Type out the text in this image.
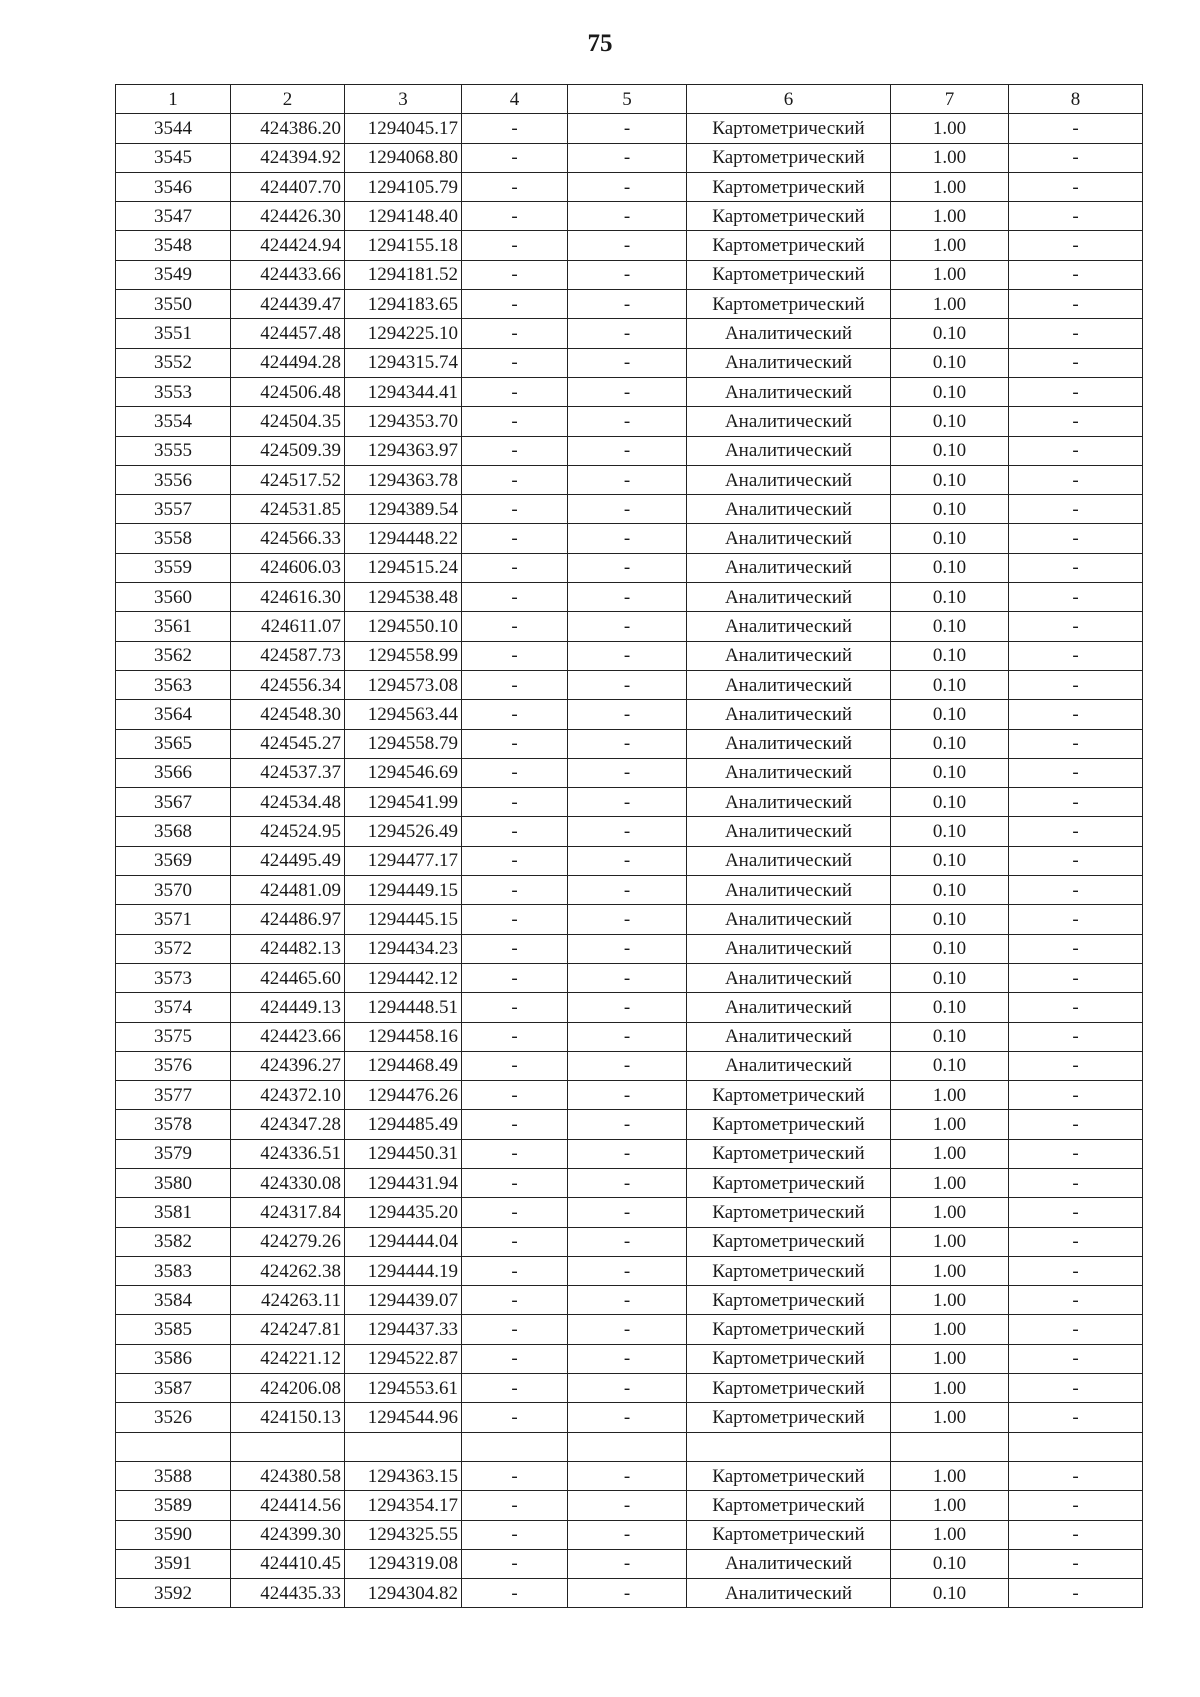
75
1	2	3	4	5	6	7	8
3544	424386.20	1294045.17	-	-	Картометрический	1.00	-
3545	424394.92	1294068.80	-	-	Картометрический	1.00	-
3546	424407.70	1294105.79	-	-	Картометрический	1.00	-
3547	424426.30	1294148.40	-	-	Картометрический	1.00	-
3548	424424.94	1294155.18	-	-	Картометрический	1.00	-
3549	424433.66	1294181.52	-	-	Картометрический	1.00	-
3550	424439.47	1294183.65	-	-	Картометрический	1.00	-
3551	424457.48	1294225.10	-	-	Аналитический	0.10	-
3552	424494.28	1294315.74	-	-	Аналитический	0.10	-
3553	424506.48	1294344.41	-	-	Аналитический	0.10	-
3554	424504.35	1294353.70	-	-	Аналитический	0.10	-
3555	424509.39	1294363.97	-	-	Аналитический	0.10	-
3556	424517.52	1294363.78	-	-	Аналитический	0.10	-
3557	424531.85	1294389.54	-	-	Аналитический	0.10	-
3558	424566.33	1294448.22	-	-	Аналитический	0.10	-
3559	424606.03	1294515.24	-	-	Аналитический	0.10	-
3560	424616.30	1294538.48	-	-	Аналитический	0.10	-
3561	424611.07	1294550.10	-	-	Аналитический	0.10	-
3562	424587.73	1294558.99	-	-	Аналитический	0.10	-
3563	424556.34	1294573.08	-	-	Аналитический	0.10	-
3564	424548.30	1294563.44	-	-	Аналитический	0.10	-
3565	424545.27	1294558.79	-	-	Аналитический	0.10	-
3566	424537.37	1294546.69	-	-	Аналитический	0.10	-
3567	424534.48	1294541.99	-	-	Аналитический	0.10	-
3568	424524.95	1294526.49	-	-	Аналитический	0.10	-
3569	424495.49	1294477.17	-	-	Аналитический	0.10	-
3570	424481.09	1294449.15	-	-	Аналитический	0.10	-
3571	424486.97	1294445.15	-	-	Аналитический	0.10	-
3572	424482.13	1294434.23	-	-	Аналитический	0.10	-
3573	424465.60	1294442.12	-	-	Аналитический	0.10	-
3574	424449.13	1294448.51	-	-	Аналитический	0.10	-
3575	424423.66	1294458.16	-	-	Аналитический	0.10	-
3576	424396.27	1294468.49	-	-	Аналитический	0.10	-
3577	424372.10	1294476.26	-	-	Картометрический	1.00	-
3578	424347.28	1294485.49	-	-	Картометрический	1.00	-
3579	424336.51	1294450.31	-	-	Картометрический	1.00	-
3580	424330.08	1294431.94	-	-	Картометрический	1.00	-
3581	424317.84	1294435.20	-	-	Картометрический	1.00	-
3582	424279.26	1294444.04	-	-	Картометрический	1.00	-
3583	424262.38	1294444.19	-	-	Картометрический	1.00	-
3584	424263.11	1294439.07	-	-	Картометрический	1.00	-
3585	424247.81	1294437.33	-	-	Картометрический	1.00	-
3586	424221.12	1294522.87	-	-	Картометрический	1.00	-
3587	424206.08	1294553.61	-	-	Картометрический	1.00	-
3526	424150.13	1294544.96	-	-	Картометрический	1.00	-

3588	424380.58	1294363.15	-	-	Картометрический	1.00	-
3589	424414.56	1294354.17	-	-	Картометрический	1.00	-
3590	424399.30	1294325.55	-	-	Картометрический	1.00	-
3591	424410.45	1294319.08	-	-	Аналитический	0.10	-
3592	424435.33	1294304.82	-	-	Аналитический	0.10	-
